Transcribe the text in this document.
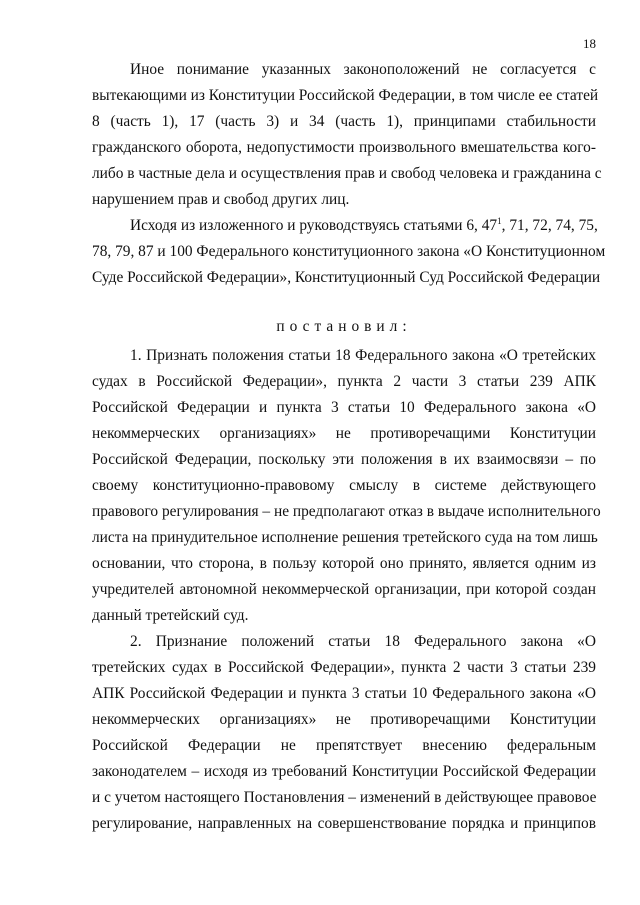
18
Иное понимание указанных законоположений не согласуется с
вытекающими из Конституции Российской Федерации, в том числе ее статей
8 (часть 1), 17 (часть 3) и 34 (часть 1), принципами стабильности
гражданского оборота, недопустимости произвольного вмешательства кого-
либо в частные дела и осуществления прав и свобод человека и гражданина с
нарушением прав и свобод других лиц.
Исходя из изложенного и руководствуясь статьями 6, $47^1$, 71, 72, 74, 75,
78, 79, 87 и 100 Федерального конституционного закона «О Конституционном
Суде Российской Федерации», Конституционный Суд Российской Федерации
постановил:
1. Признать положения статьи 18 Федерального закона «О третейских
судах в Российской Федерации», пункта 2 части 3 статьи 239 АПК
Российской Федерации и пункта 3 статьи 10 Федерального закона «О
некоммерческих организациях» не противоречащими Конституции
Российской Федерации, поскольку эти положения в их взаимосвязи – по
своему конституционно-правовому смыслу в системе действующего
правового регулирования – не предполагают отказ в выдаче исполнительного
листа на принудительное исполнение решения третейского суда на том лишь
основании, что сторона, в пользу которой оно принято, является одним из
учредителей автономной некоммерческой организации, при которой создан
данный третейский суд.
2. Признание положений статьи 18 Федерального закона «О
третейских судах в Российской Федерации», пункта 2 части 3 статьи 239
АПК Российской Федерации и пункта 3 статьи 10 Федерального закона «О
некоммерческих организациях» не противоречащими Конституции
Российской Федерации не препятствует внесению федеральным
законодателем – исходя из требований Конституции Российской Федерации
и с учетом настоящего Постановления – изменений в действующее правовое
регулирование, направленных на совершенствование порядка и принципов
